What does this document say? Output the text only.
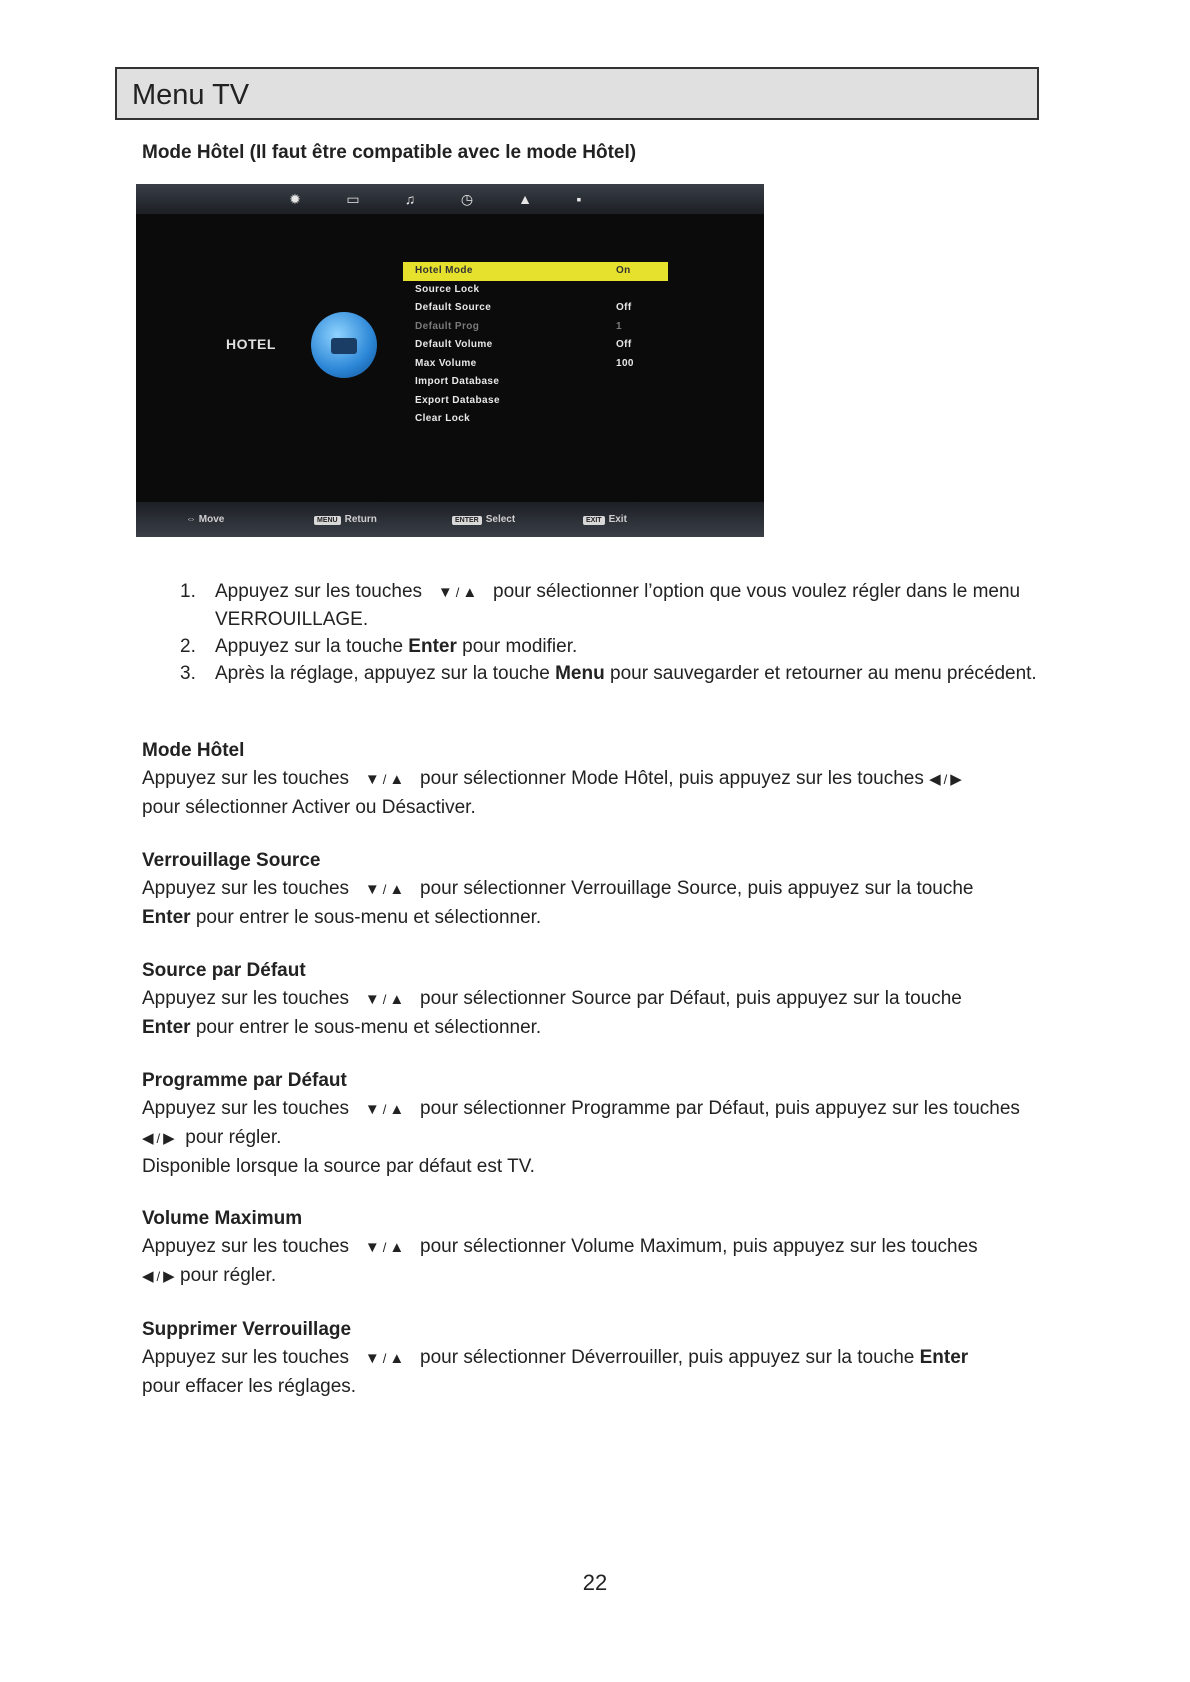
Menu TV
Mode Hôtel (Il faut être compatible avec le mode Hôtel)
✹	▭	♫	◷	▲	▪
HOTEL
Hotel Mode	On
Source Lock
Default Source	Off
Default Prog	1
Default Volume	Off
Max Volume	100
Import Database
Export Database
Clear Lock
⇔ Move	MENU Return	ENTER Select	EXIT Exit
1. Appuyez sur les touches ▼ / ▲ pour sélectionner l’option que vous voulez régler dans le menu VERROUILLAGE.
2. Appuyez sur la touche Enter pour modifier.
3. Après la réglage, appuyez sur la touche Menu pour sauvegarder et retourner au menu précédent.
Mode Hôtel

Appuyez sur les touches ▼ / ▲ pour sélectionner Mode Hôtel, puis appuyez sur les touches ◀ / ▶
pour sélectionner Activer ou Désactiver.

Verrouillage Source

Appuyez sur les touches ▼ / ▲ pour sélectionner Verrouillage Source, puis appuyez sur la touche
Enter pour entrer le sous-menu et sélectionner.

Source par Défaut

Appuyez sur les touches ▼ / ▲ pour sélectionner Source par Défaut, puis appuyez sur la touche
Enter pour entrer le sous-menu et sélectionner.

Programme par Défaut

Appuyez sur les touches ▼ / ▲ pour sélectionner Programme par Défaut, puis appuyez sur les touches ◀ / ▶ pour régler.
Disponible lorsque la source par défaut est TV.

Volume Maximum

Appuyez sur les touches ▼ / ▲ pour sélectionner Volume Maximum, puis appuyez sur les touches
◀ / ▶ pour régler.

Supprimer Verrouillage

Appuyez sur les touches ▼ / ▲ pour sélectionner Déverrouiller, puis appuyez sur la touche Enter
pour effacer les réglages.

22
